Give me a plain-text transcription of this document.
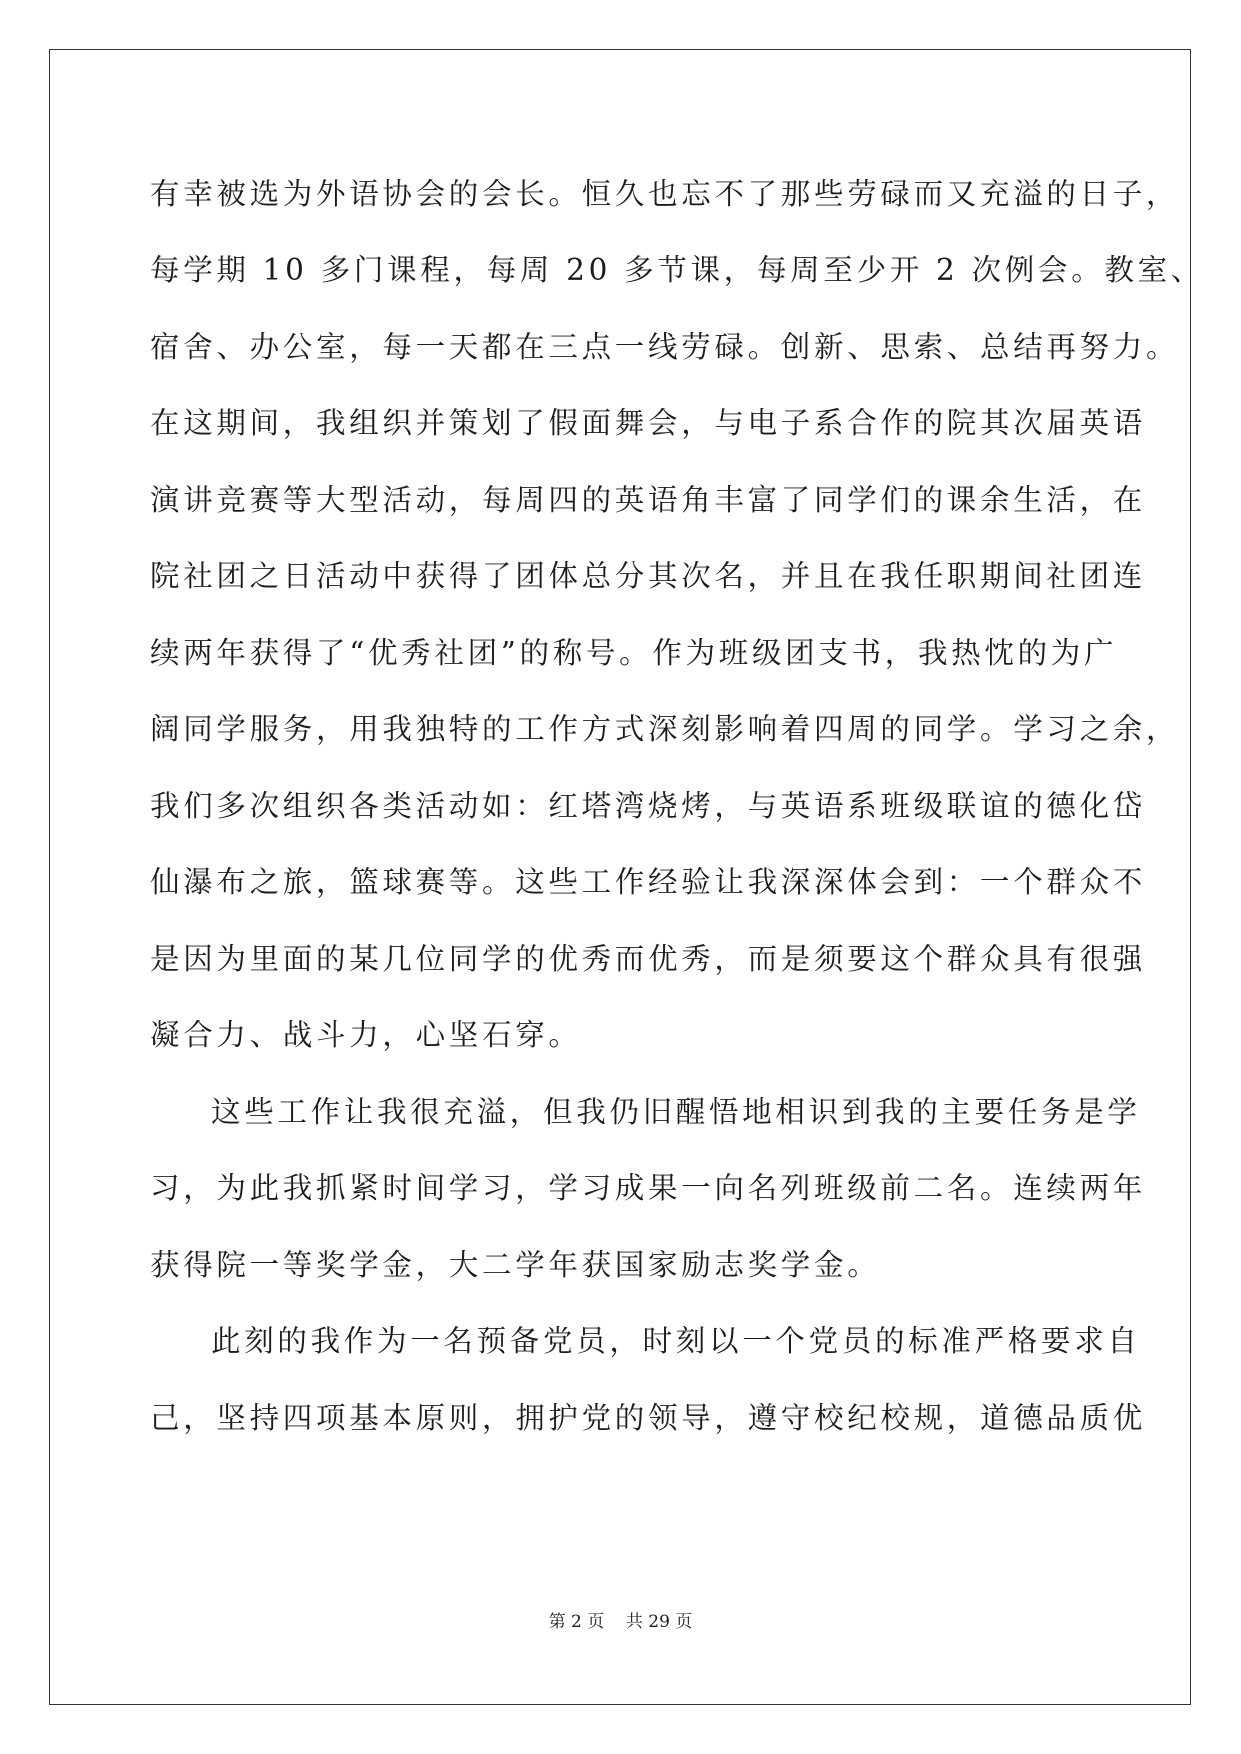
有幸被选为外语协会的会长。恒久也忘不了那些劳碌而又充溢的日子，
每学期 10 多门课程，每周 20 多节课，每周至少开 2 次例会。教室、
宿舍、办公室，每一天都在三点一线劳碌。创新、思索、总结再努力。
在这期间，我组织并策划了假面舞会，与电子系合作的院其次届英语
演讲竞赛等大型活动，每周四的英语角丰富了同学们的课余生活，在
院社团之日活动中获得了团体总分其次名，并且在我任职期间社团连
续两年获得了“优秀社团”的称号。作为班级团支书，我热忱的为广
阔同学服务，用我独特的工作方式深刻影响着四周的同学。学习之余，
我们多次组织各类活动如：红塔湾烧烤，与英语系班级联谊的德化岱
仙瀑布之旅，篮球赛等。这些工作经验让我深深体会到：一个群众不
是因为里面的某几位同学的优秀而优秀，而是须要这个群众具有很强
凝合力、战斗力，心坚石穿。
这些工作让我很充溢，但我仍旧醒悟地相识到我的主要任务是学
习，为此我抓紧时间学习，学习成果一向名列班级前二名。连续两年
获得院一等奖学金，大二学年获国家励志奖学金。
此刻的我作为一名预备党员，时刻以一个党员的标准严格要求自
己，坚持四项基本原则，拥护党的领导，遵守校纪校规，道德品质优
第 2 页    共 29 页
